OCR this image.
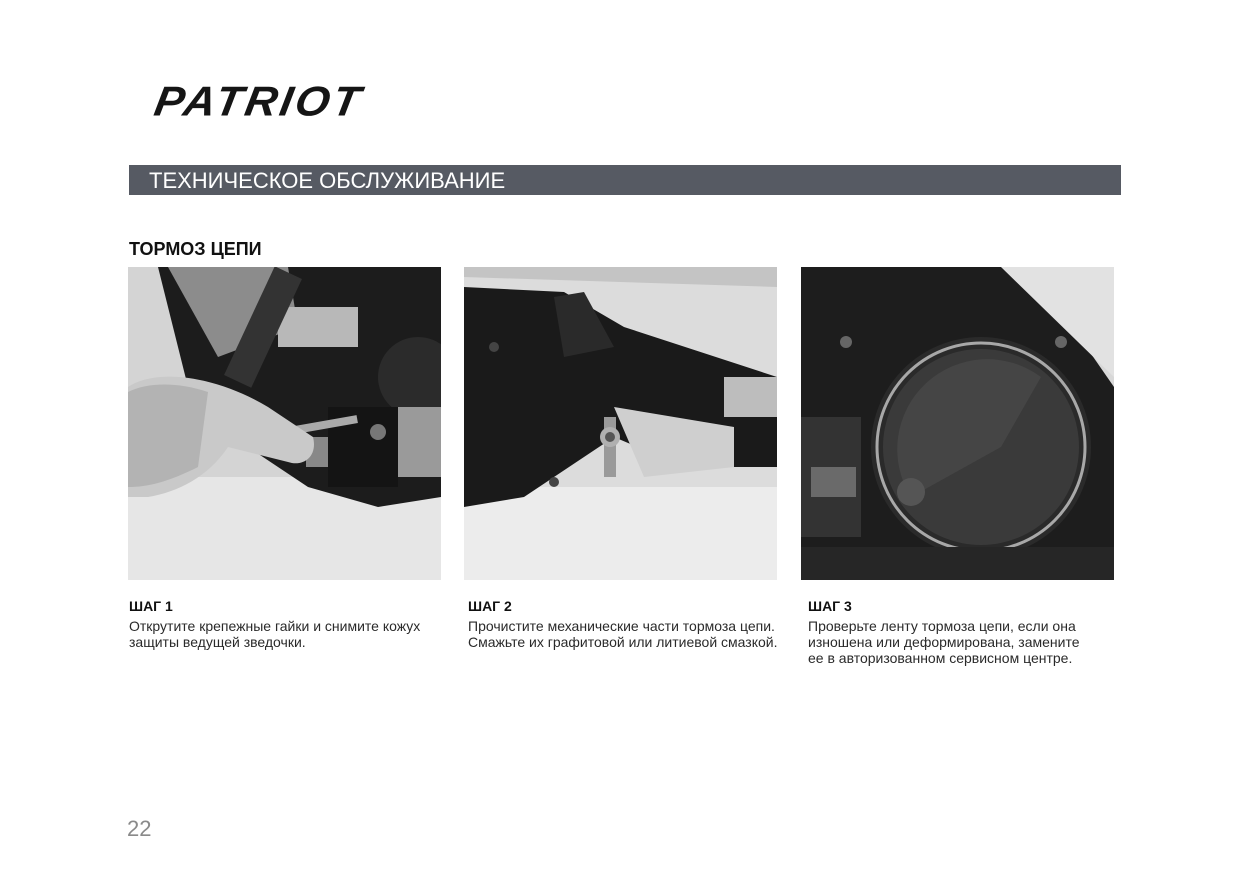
PATRIOT
ТЕХНИЧЕСКОЕ ОБСЛУЖИВАНИЕ
ТОРМОЗ ЦЕПИ
ШАГ 1
Открутите крепежные гайки и снимите кожух защиты ведущей зведочки.
ШАГ 2
Прочистите механические части тормоза цепи. Смажьте их графитовой или литиевой смазкой.
ШАГ 3
Проверьте ленту тормоза цепи, если она изношена или деформирована, замените ее в авторизованном сервисном центре.
22
